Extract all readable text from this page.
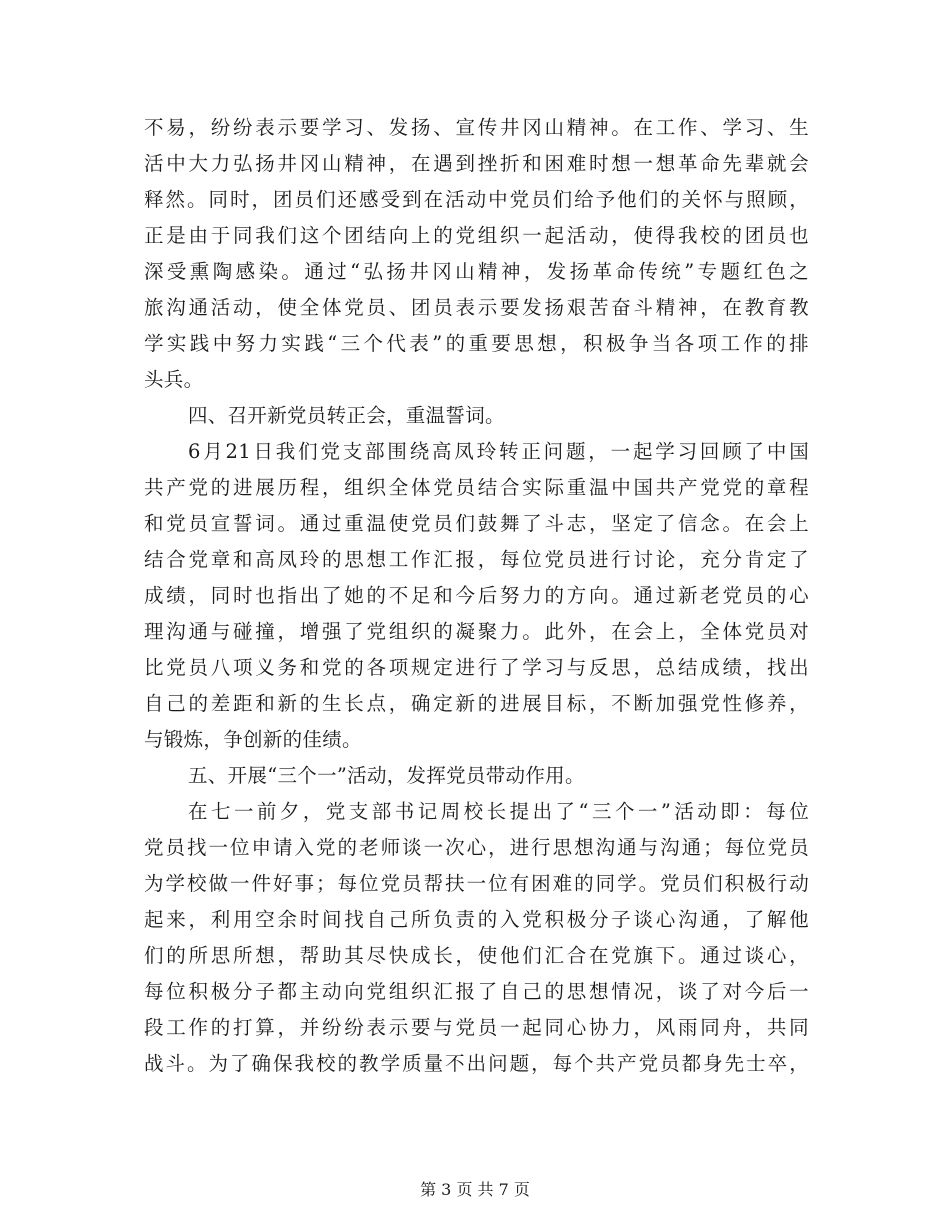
不易，纷纷表示要学习、发扬、宣传井冈山精神。在工作、学习、生
活中大力弘扬井冈山精神，在遇到挫折和困难时想一想革命先辈就会
释然。同时，团员们还感受到在活动中党员们给予他们的关怀与照顾，
正是由于同我们这个团结向上的党组织一起活动，使得我校的团员也
深受熏陶感染。通过“弘扬井冈山精神，发扬革命传统”专题红色之
旅沟通活动，使全体党员、团员表示要发扬艰苦奋斗精神，在教育教
学实践中努力实践“三个代表”的重要思想，积极争当各项工作的排
头兵。
四、召开新党员转正会，重温誓词。
6月21日我们党支部围绕高凤玲转正问题，一起学习回顾了中国
共产党的进展历程，组织全体党员结合实际重温中国共产党党的章程
和党员宣誓词。通过重温使党员们鼓舞了斗志，坚定了信念。在会上
结合党章和高凤玲的思想工作汇报，每位党员进行讨论，充分肯定了
成绩，同时也指出了她的不足和今后努力的方向。通过新老党员的心
理沟通与碰撞，增强了党组织的凝聚力。此外，在会上，全体党员对
比党员八项义务和党的各项规定进行了学习与反思，总结成绩，找出
自己的差距和新的生长点，确定新的进展目标，不断加强党性修养，
与锻炼，争创新的佳绩。
五、开展“三个一”活动，发挥党员带动作用。
在七一前夕，党支部书记周校长提出了“三个一”活动即：每位
党员找一位申请入党的老师谈一次心，进行思想沟通与沟通；每位党员
为学校做一件好事；每位党员帮扶一位有困难的同学。党员们积极行动
起来，利用空余时间找自己所负责的入党积极分子谈心沟通，了解他
们的所思所想，帮助其尽快成长，使他们汇合在党旗下。通过谈心，
每位积极分子都主动向党组织汇报了自己的思想情况，谈了对今后一
段工作的打算，并纷纷表示要与党员一起同心协力，风雨同舟，共同
战斗。为了确保我校的教学质量不出问题，每个共产党员都身先士卒，
第 3 页 共 7 页
